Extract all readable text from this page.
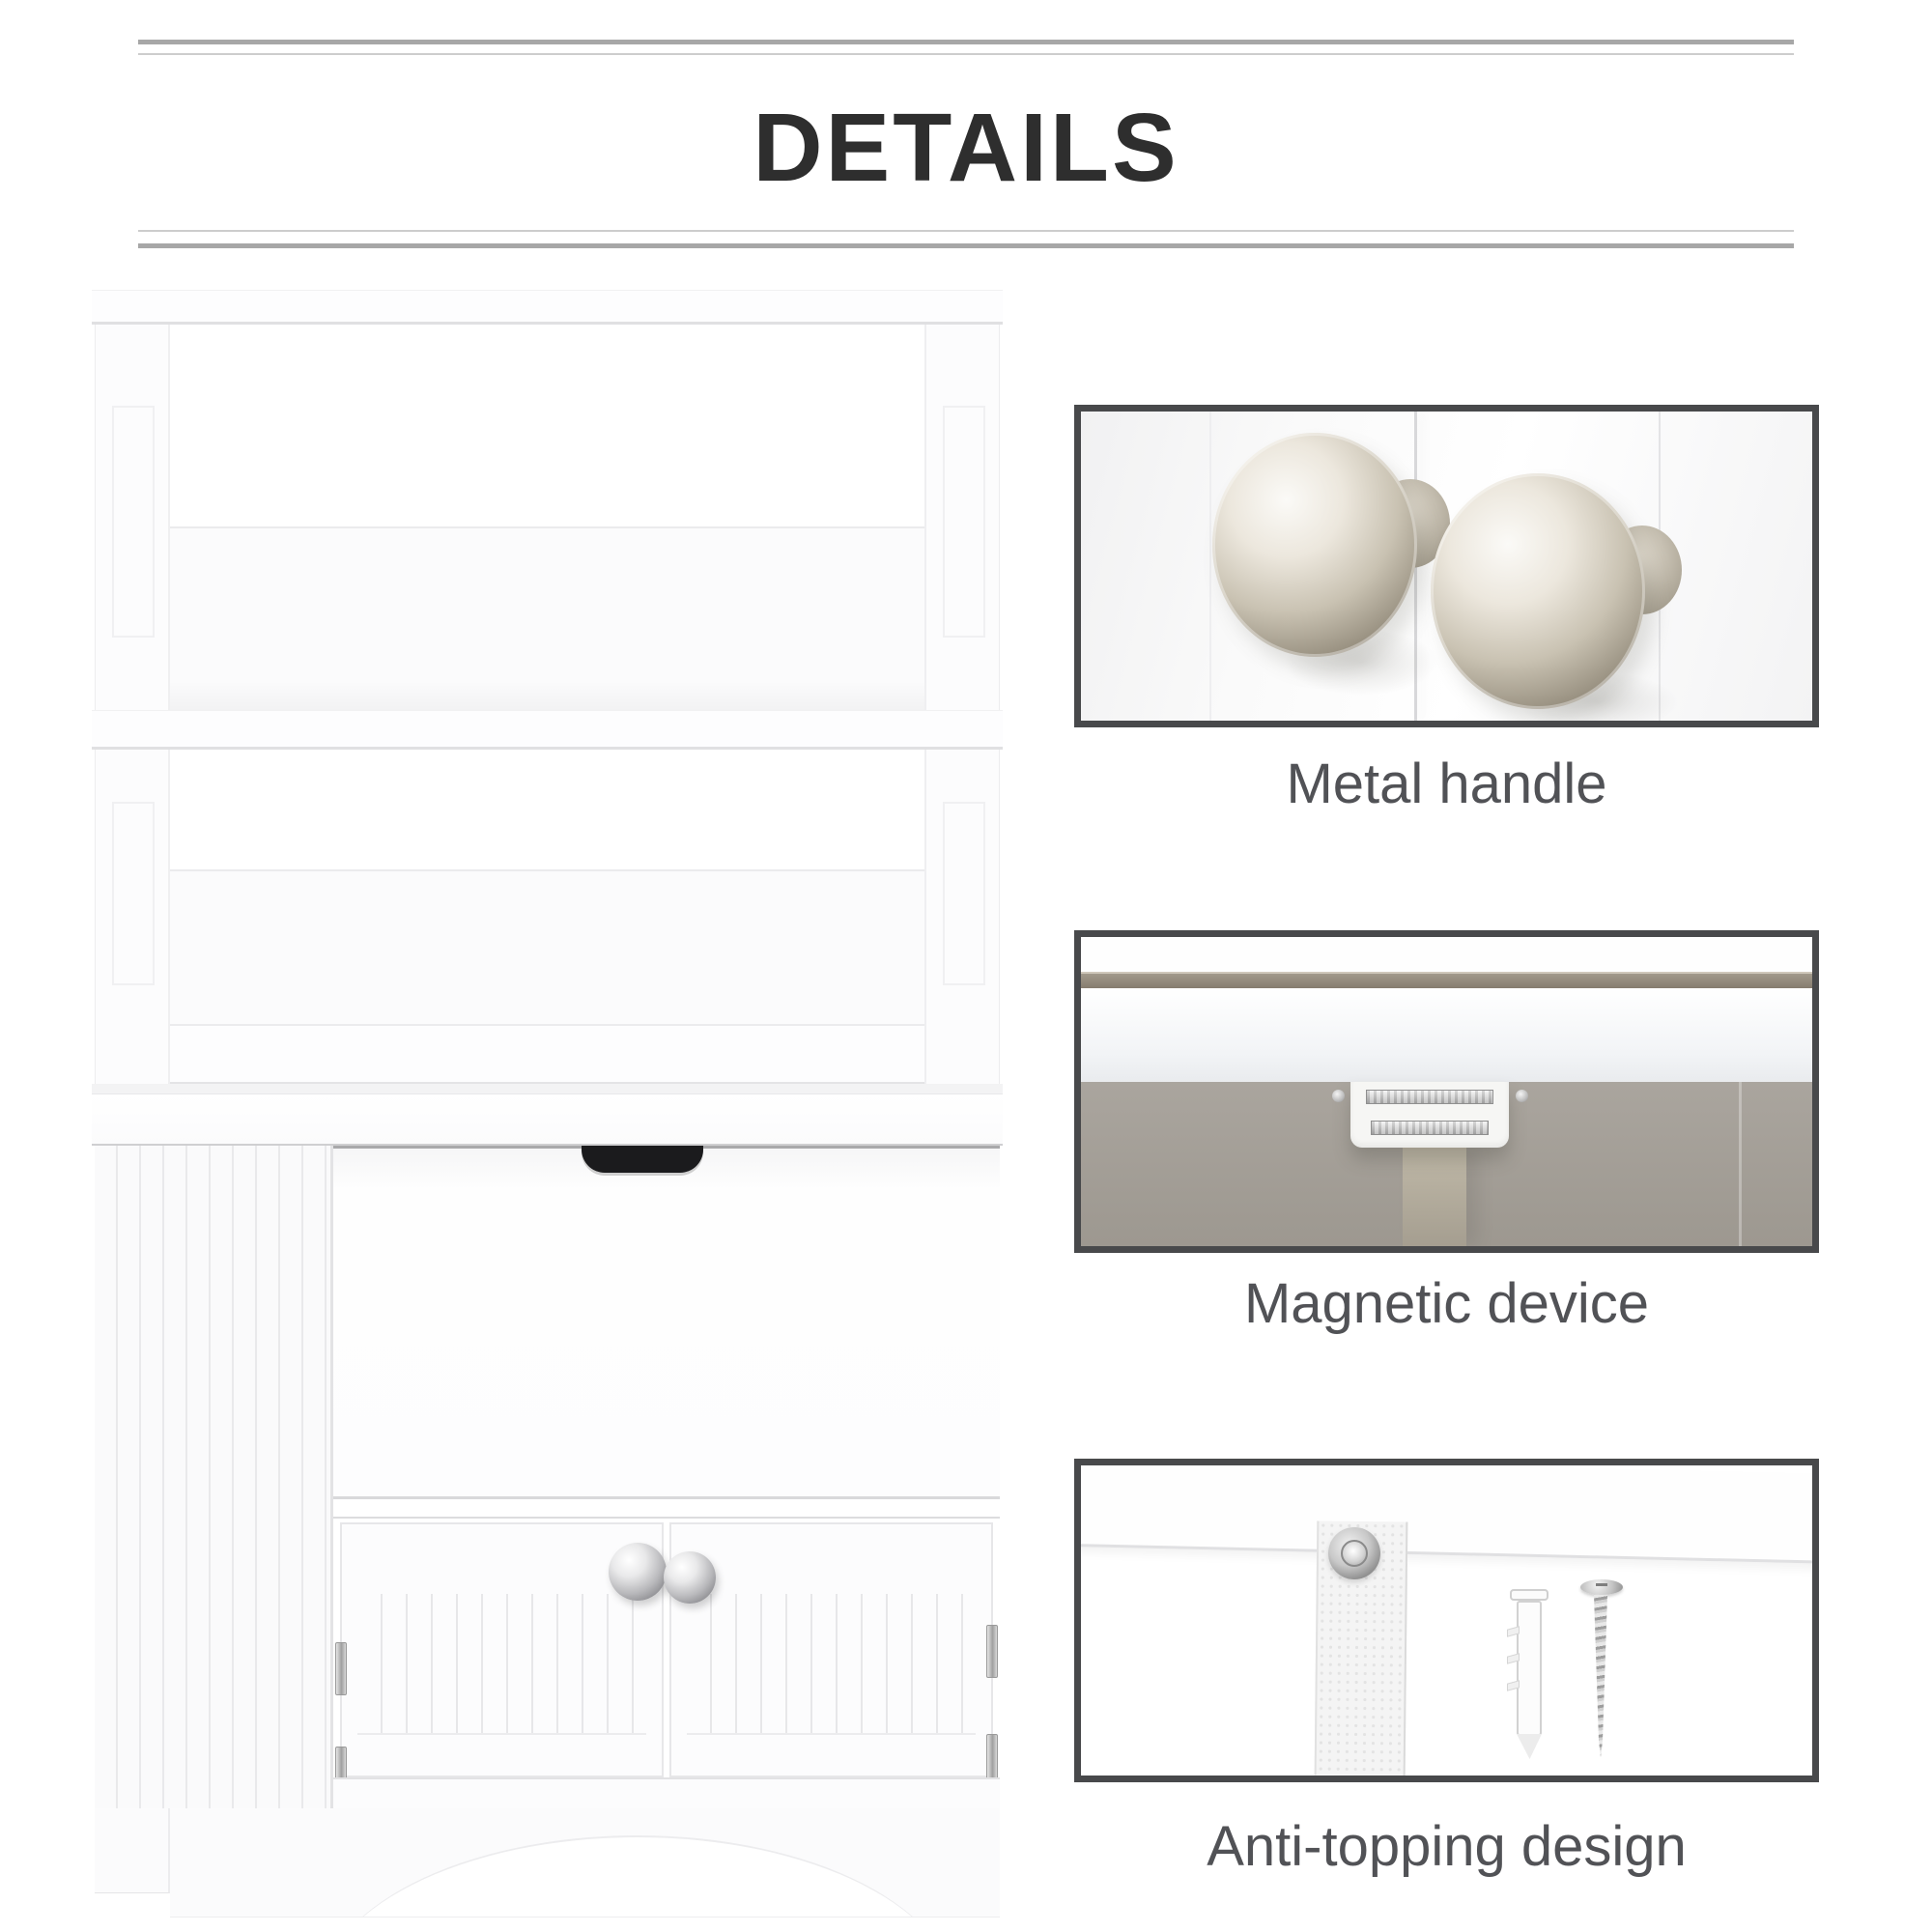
DETAILS
Metal handle
Magnetic device
Anti-topping design
